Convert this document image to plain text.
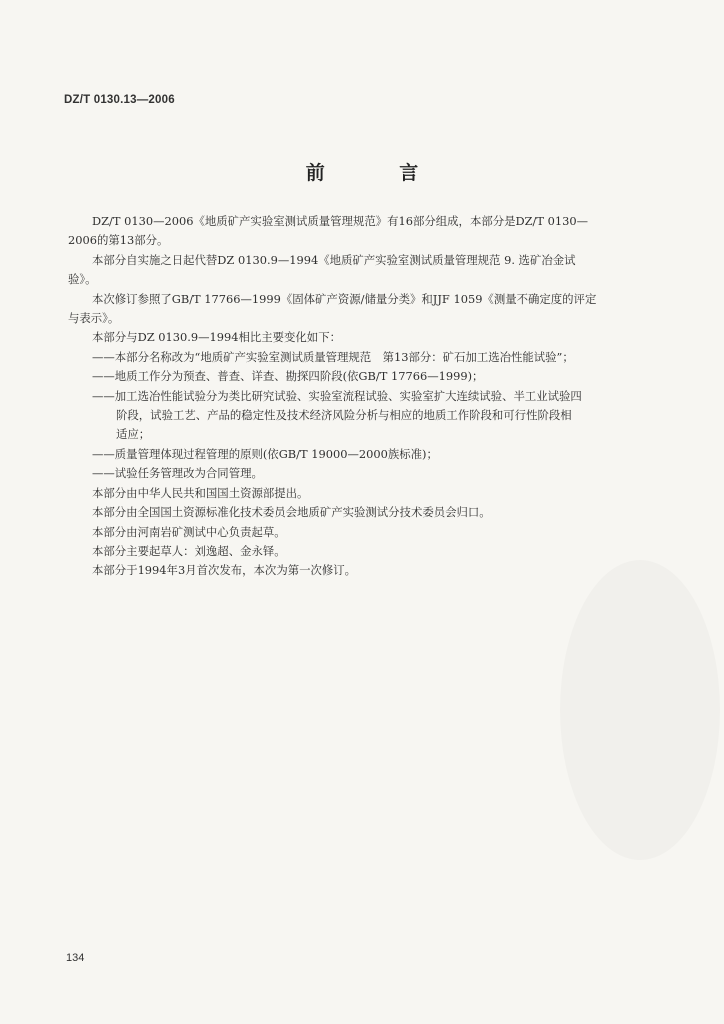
DZ/T 0130.13—2006
前 言

DZ/T 0130—2006《地质矿产实验室测试质量管理规范》有16部分组成，本部分是DZ/T 0130—

2006的第13部分。

本部分自实施之日起代替DZ 0130.9—1994《地质矿产实验室测试质量管理规范 9. 选矿冶金试

验》。

本次修订参照了GB/T 17766—1999《固体矿产资源/储量分类》和JJF 1059《测量不确定度的评定

与表示》。

本部分与DZ 0130.9—1994相比主要变化如下：

——本部分名称改为“地质矿产实验室测试质量管理规范　第13部分：矿石加工选冶性能试验”；

——地质工作分为预查、普查、详查、勘探四阶段(依GB/T 17766—1999)；

——加工选冶性能试验分为类比研究试验、实验室流程试验、实验室扩大连续试验、半工业试验四
阶段，试验工艺、产品的稳定性及技术经济风险分析与相应的地质工作阶段和可行性阶段相
适应；

——质量管理体现过程管理的原则(依GB/T 19000—2000族标准)；

——试验任务管理改为合同管理。

本部分由中华人民共和国国土资源部提出。

本部分由全国国土资源标准化技术委员会地质矿产实验测试分技术委员会归口。

本部分由河南岩矿测试中心负责起草。

本部分主要起草人：刘逸超、金永铎。

本部分于1994年3月首次发布，本次为第一次修订。

134
